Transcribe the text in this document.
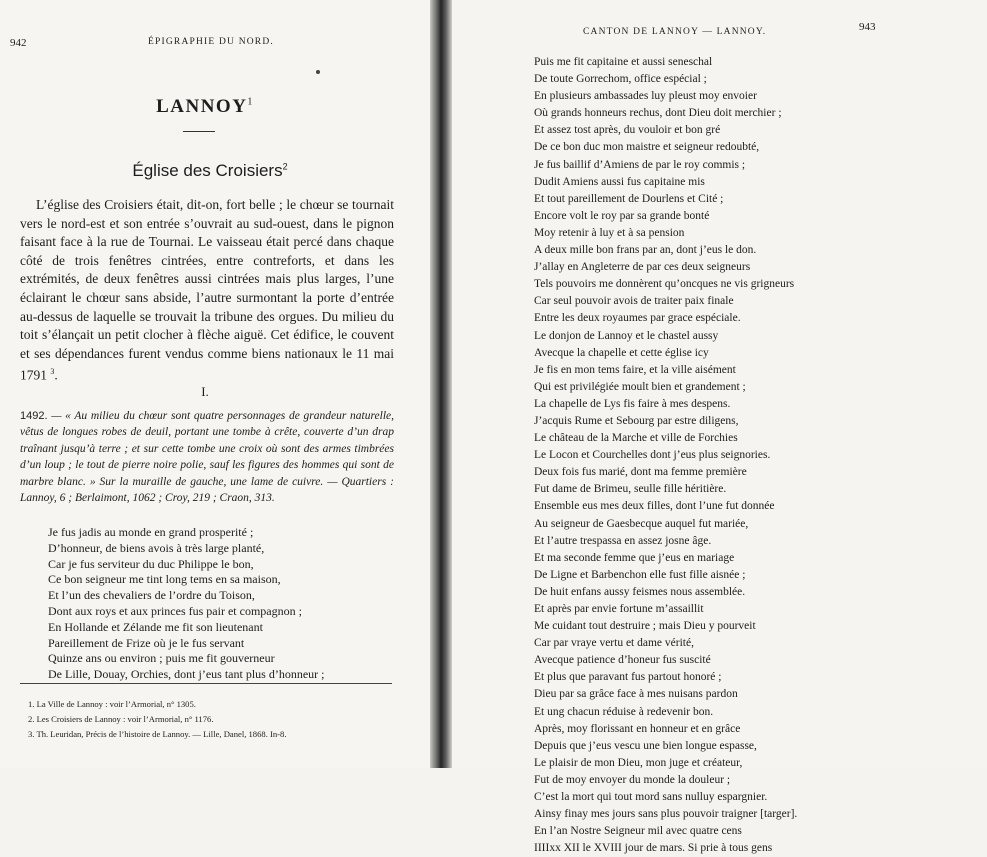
942	ÉPIGRAPHIE DU NORD.
LANNOY$^1$
Église des Croisiers$^2$
L’église des Croisiers était, dit-on, fort belle ; le chœur se tournait vers le nord-est et son entrée s’ouvrait au sud-ouest, dans le pignon faisant face à la rue de Tournai. Le vaisseau était percé dans chaque côté de trois fenêtres cintrées, entre contreforts, et dans les extrémités, de deux fenêtres aussi cintrées mais plus larges, l’une éclairant le chœur sans abside, l’autre surmontant la porte d’entrée au-dessus de laquelle se trouvait la tribune des orgues. Du milieu du toit s’élançait un petit clocher à flèche aiguë. Cet édifice, le couvent et ses dépendances furent vendus comme biens nationaux le 11 mai 1791 $^3$.
I.
1492. — « Au milieu du chœur sont quatre personnages de grandeur naturelle, vêtus de longues robes de deuil, portant une tombe à crête, couverte d’un drap traînant jusqu’à terre ; et sur cette tombe une croix où sont des armes timbrées d’un loup ; le tout de pierre noire polie, sauf les figures des hommes qui sont de marbre blanc. » Sur la muraille de gauche, une lame de cuivre. — Quartiers : Lannoy, 6 ; Berlaimont, 1062 ; Croy, 219 ; Craon, 313.
Je fus jadis au monde en grand prosperité ;
D’honneur, de biens avois à très large planté,
Car je fus serviteur du duc Philippe le bon,
Ce bon seigneur me tint long tems en sa maison,
Et l’un des chevaliers de l’ordre du Toison,
Dont aux roys et aux princes fus pair et compagnon ;
En Hollande et Zélande me fit son lieutenant
Pareillement de Frize où je le fus servant
Quinze ans ou environ ; puis me fit gouverneur
De Lille, Douay, Orchies, dont j’eus tant plus d’honneur ;
1. La Ville de Lannoy : voir l’Armorial, n° 1305.
2. Les Croisiers de Lannoy : voir l’Armorial, n° 1176.
3. Th. Leuridan, Précis de l’histoire de Lannoy. — Lille, Danel, 1868. In-8.
CANTON DE LANNOY — LANNOY.	943
Puis me fit capitaine et aussi seneschal
De toute Gorrechom, office espécial ;
En plusieurs ambassades luy pleust moy envoier
Où grands honneurs rechus, dont Dieu doit merchier ;
Et assez tost après, du vouloir et bon gré
De ce bon duc mon maistre et seigneur redoubté,
Je fus baillif d’Amiens de par le roy commis ;
Dudit Amiens aussi fus capitaine mis
Et tout pareillement de Dourlens et Cité ;
Encore volt le roy par sa grande bonté
Moy retenir à luy et à sa pension
A deux mille bon frans par an, dont j’eus le don.
J’allay en Angleterre de par ces deux seigneurs
Tels pouvoirs me donnèrent qu’oncques ne vis grigneurs
Car seul pouvoir avois de traiter paix finale
Entre les deux royaumes par grace espéciale.
Le donjon de Lannoy et le chastel aussy
Avecque la chapelle et cette église icy
Je fis en mon tems faire, et la ville aisément
Qui est privilégiée moult bien et grandement ;
La chapelle de Lys fis faire à mes despens.
J’acquis Rume et Sebourg par estre diligens,
Le château de la Marche et ville de Forchies
Le Locon et Courchelles dont j’eus plus seignories.
Deux fois fus marié, dont ma femme première
Fut dame de Brimeu, seulle fille héritière.
Ensemble eus mes deux filles, dont l’une fut donnée
Au seigneur de Gaesbecque auquel fut mariée,
Et l’autre trespassa en assez josne âge.
Et ma seconde femme que j’eus en mariage
De Ligne et Barbenchon elle fust fille aisnée ;
De huit enfans aussy feismes nous assemblée.
Et après par envie fortune m’assaillit
Me cuidant tout destruire ; mais Dieu y pourveit
Car par vraye vertu et dame vérité,
Avecque patience d’honeur fus suscité
Et plus que paravant fus partout honoré ;
Dieu par sa grâce face à mes nuisans pardon
Et ung chacun réduise à redevenir bon.
Après, moy florissant en honneur et en grâce
Depuis que j’eus vescu une bien longue espasse,
Le plaisir de mon Dieu, mon juge et créateur,
Fut de moy envoyer du monde la douleur ;
C’est la mort qui tout mord sans nulluy espargnier.
Ainsy finay mes jours sans plus pouvoir traigner [targer].
En l’an Nostre Seigneur mil avec quatre cens
IIIIxx XII le XVIII jour de mars. Si prie à tous gens
